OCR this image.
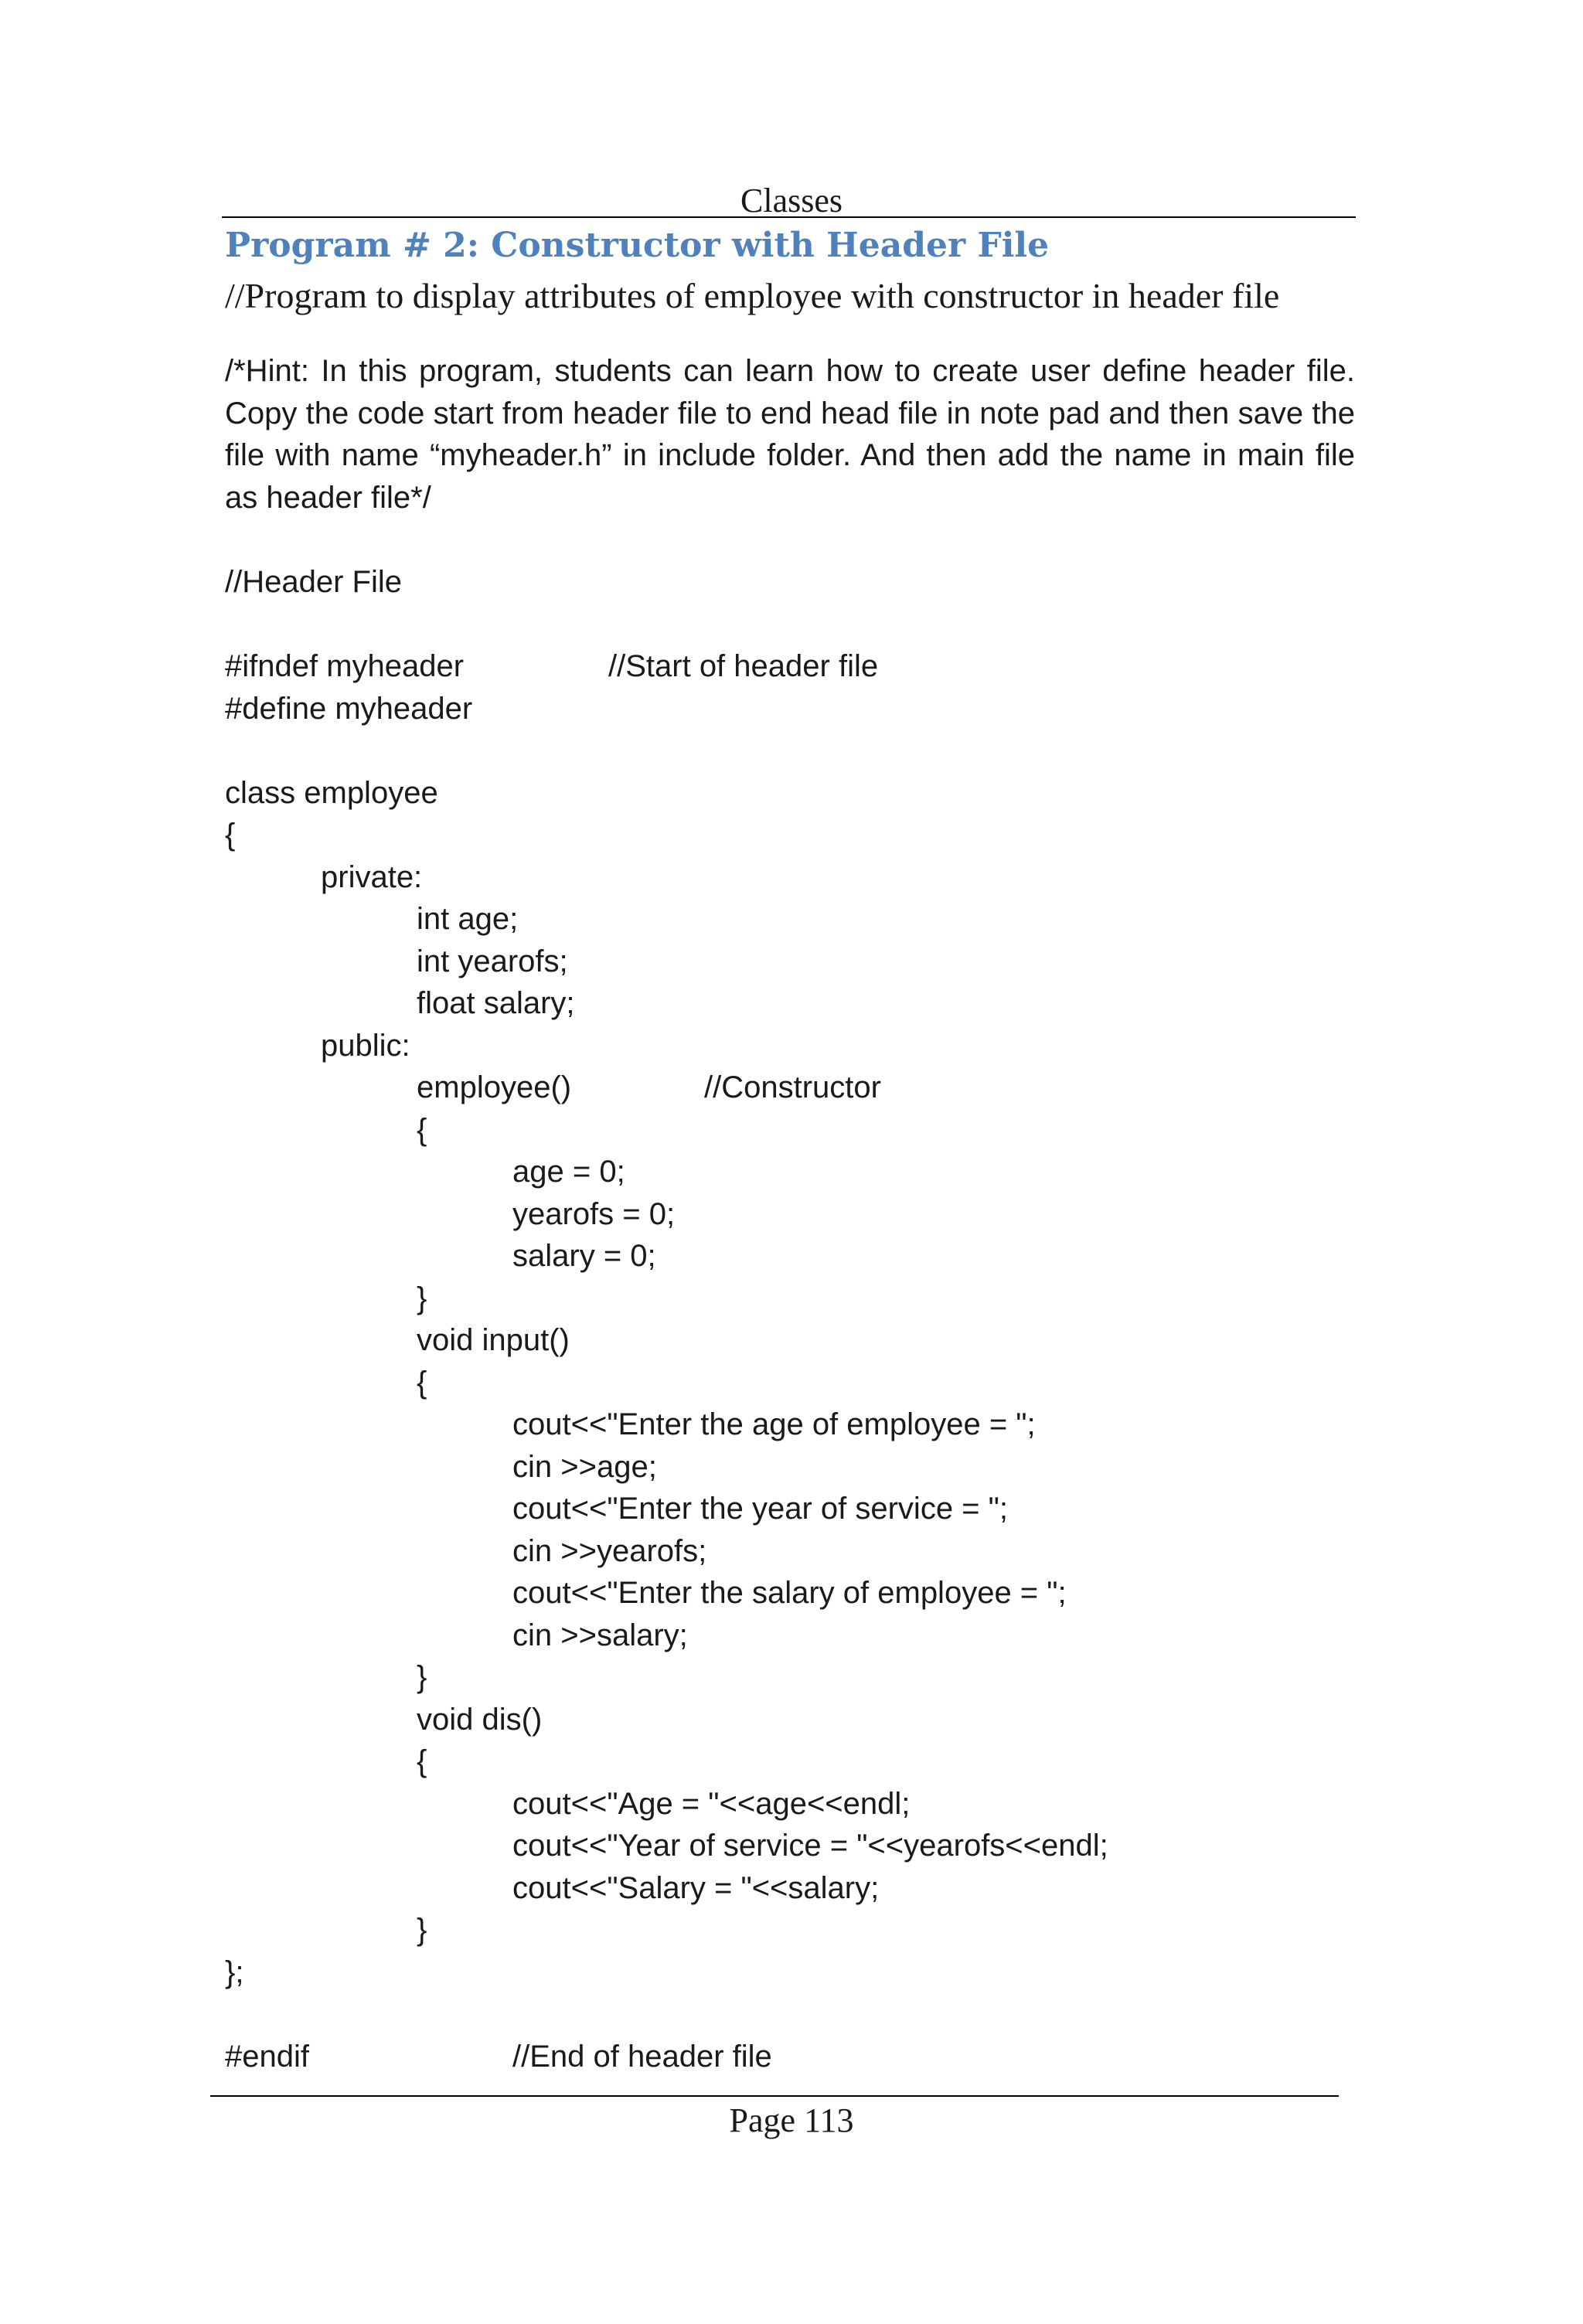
Classes
Program # 2: Constructor with Header File
//Program to display attributes of employee with constructor in header file
/*Hint: In this program, students can learn how to create user define header file. Copy the code start from header file to end head file in note pad and then save the file with name “myheader.h” in include folder. And then add the name in main file as header file*/
//Header File
#ifndef myheader	//Start of header file
#define myheader
class employee
{
private:
int age;
int yearofs;
float salary;
public:
employee()	//Constructor
{
age = 0;
yearofs = 0;
salary = 0;
}
void input()
{
cout<<"Enter the age of employee = ";
cin >>age;
cout<<"Enter the year of service = ";
cin >>yearofs;
cout<<"Enter the salary of employee = ";
cin >>salary;
}
void dis()
{
cout<<"Age = "<<age<<endl;
cout<<"Year of service = "<<yearofs<<endl;
cout<<"Salary = "<<salary;
}
};
#endif	//End of header file
Page 113
